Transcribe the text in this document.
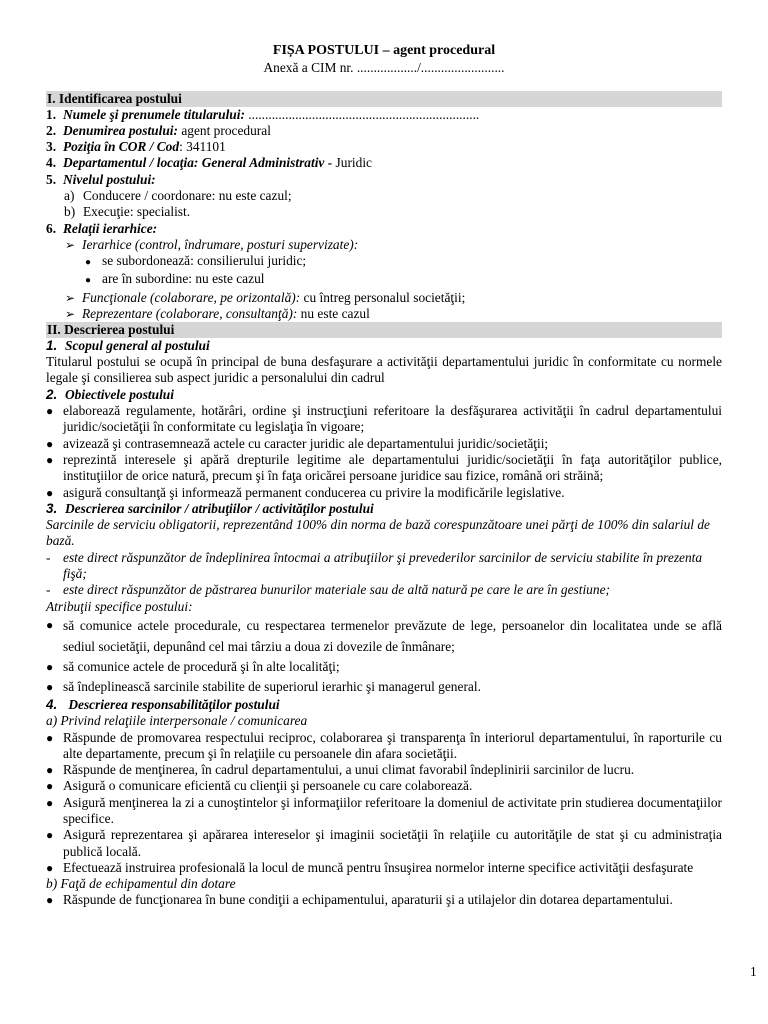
FIȘA POSTULUI – agent procedural
Anexă a CIM nr. ................../.........................
I. Identificarea postului
1. Numele şi prenumele titularului: .....................................................................
2. Denumirea postului: agent procedural
3. Poziţia în COR / Cod: 341101
4. Departamentul / locaţia: General Administrativ - Juridic
5. Nivelul postului:
a) Conducere / coordonare: nu este cazul;
b) Execuţie: specialist.
6. Relaţii ierarhice:
➢ Ierarhice (control, îndrumare, posturi supervizate):
● se subordonează: consilierului juridic;
● are în subordine: nu este cazul
➢ Funcţionale (colaborare, pe orizontală): cu întreg personalul societăţii;
➢ Reprezentare (colaborare, consultanţă): nu este cazul
II. Descrierea postului
1. Scopul general al postului
Titularul postului se ocupă în principal de buna desfaşurare a activităţii departamentului juridic în conformitate cu normele legale şi consilierea sub aspect juridic a personalului din cadrul
2. Obiectivele postului
● elaborează regulamente, hotărâri, ordine şi instrucţiuni referitoare la desfăşurarea activităţii în cadrul departamentului juridic/societăţii în conformitate cu legislaţia în vigoare;
● avizează şi contrasemnează actele cu caracter juridic ale departamentului juridic/societăţii;
● reprezintă interesele şi apără drepturile legitime ale departamentului juridic/societăţii în faţa autorităţilor publice, instituţiilor de orice natură, precum şi în faţa oricărei persoane juridice sau fizice, română ori străină;
● asigură consultanţă şi informează permanent conducerea cu privire la modificările legislative.
3. Descrierea sarcinilor / atribuţiilor / activităţilor postului
Sarcinile de serviciu obligatorii, reprezentând 100% din norma de bază corespunzătoare unei părţi de 100% din salariul de bază.
- este direct răspunzător de îndeplinirea întocmai a atribuţiilor şi prevederilor sarcinilor de serviciu stabilite în prezenta fişă;
- este direct răspunzător de păstrarea bunurilor materiale sau de altă natură pe care le are în gestiune;
Atribuţii specifice postului:
● să comunice actele procedurale, cu respectarea termenelor prevăzute de lege, persoanelor din localitatea unde se află sediul societăţii, depunând cel mai târziu a doua zi dovezile de înmânare;
● să comunice actele de procedură şi în alte localităţi;
● să îndeplinească sarcinile stabilite de superiorul ierarhic şi managerul general.
4. Descrierea responsabilităţilor postului
a) Privind relaţiile interpersonale / comunicarea
● Răspunde de promovarea respectului reciproc, colaborarea şi transparenţa în interiorul departamentului, în raporturile cu alte departamente, precum şi în relaţiile cu persoanele din afara societăţii.
● Răspunde de menţinerea, în cadrul departamentului, a unui climat favorabil îndeplinirii sarcinilor de lucru.
● Asigură o comunicare eficientă cu clienţii şi persoanele cu care colaborează.
● Asigură menţinerea la zi a cunoştintelor şi informaţiilor referitoare la domeniul de activitate prin studierea documentaţiilor specifice.
● Asigură reprezentarea şi apărarea intereselor şi imaginii societăţii în relaţiile cu autorităţile de stat şi cu administraţia publică locală.
● Efectuează instruirea profesională la locul de muncă pentru însuşirea normelor interne specifice activităţii desfaşurate
b) Faţă de echipamentul din dotare
● Răspunde de funcţionarea în bune condiţii a echipamentului, aparaturii şi a utilajelor din dotarea departamentului.
1
